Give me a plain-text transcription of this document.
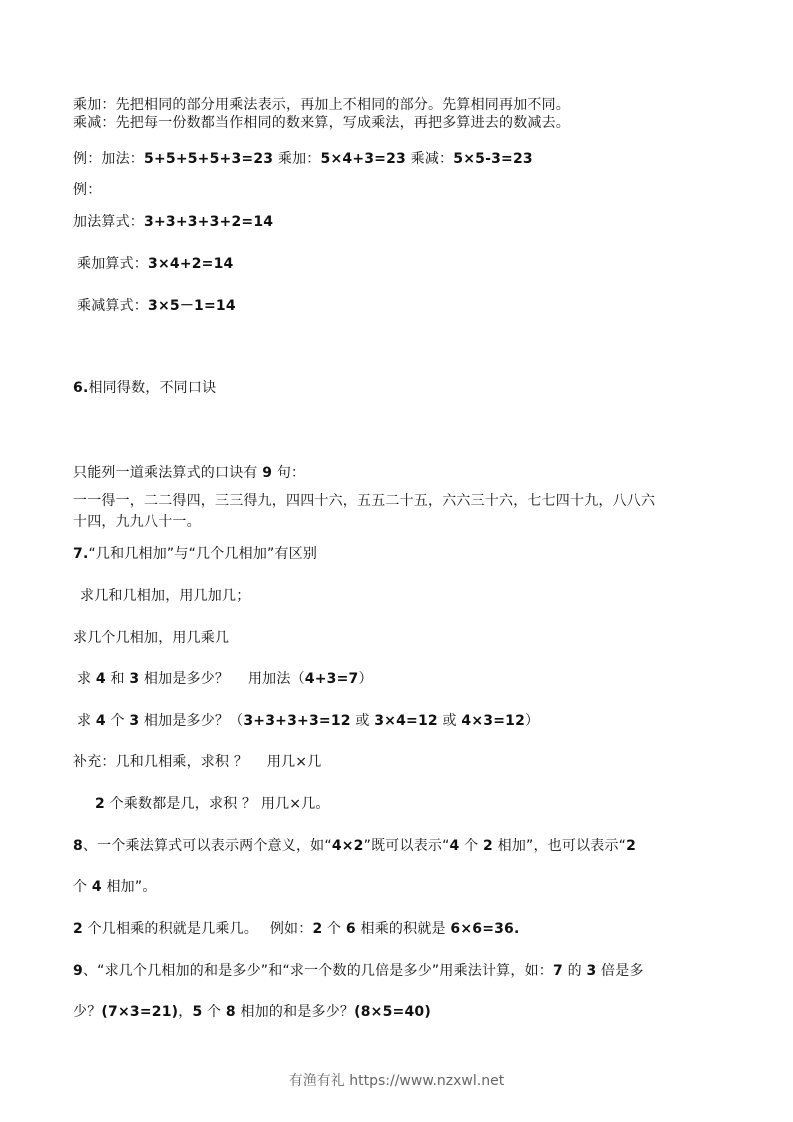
乘加：先把相同的部分用乘法表示，再加上不相同的部分。先算相同再加不同。
乘减：先把每一份数都当作相同的数来算，写成乘法，再把多算进去的数减去。
例：加法：5+5+5+5+3=23 乘加：5×4+3=23 乘减：5×5-3=23
例：
加法算式：3+3+3+3+2=14
乘加算式：3×4+2=14
乘减算式：3×5－1=14
6.相同得数，不同口诀
只能列一道乘法算式的口诀有 9 句：
一一得一，二二得四，三三得九，四四十六，五五二十五，六六三十六，七七四十九，八八六
十四，九九八十一。
7.“几和几相加”与“几个几相加”有区别
求几和几相加，用几加几；
求几个几相加，用几乘几
求 4 和 3 相加是多少？　 用加法（4+3=7）
求 4 个 3 相加是多少？（3+3+3+3=12 或 3×4=12 或 4×3=12）
补充：几和几相乘，求积 ？　 用几×几
2 个乘数都是几，求积 ？ 用几×几。
8、一个乘法算式可以表示两个意义，如“4×2”既可以表示“4 个 2 相加”，也可以表示“2
个 4 相加”。
2 个几相乘的积就是几乘几。　 例如：2 个 6 相乘的积就是 6×6=36.
9、“求几个几相加的和是多少”和“求一个数的几倍是多少”用乘法计算，如：7 的 3 倍是多
少？(7×3=21)，5 个 8 相加的和是多少？(8×5=40)
有渔有礼 https://www.nzxwl.net
